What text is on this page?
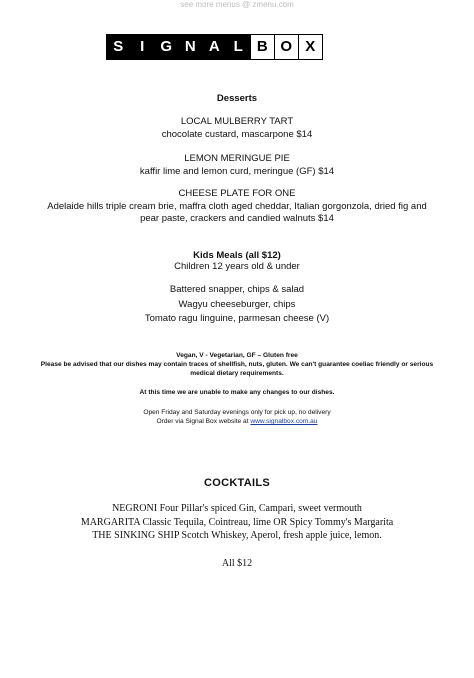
see more menus @ zmenu.com
S	I	G N A L B O X
Desserts
LOCAL MULBERRY TART
chocolate custard, mascarpone $14
LEMON MERINGUE PIE
kaffir lime and lemon curd, meringue (GF) $14
CHEESE PLATE FOR ONE
Adelaide hills triple cream brie, maffra cloth aged cheddar, Italian gorgonzola, dried fig and
pear paste, crackers and candied walnuts $14
Kids Meals (all $12)
Children 12 years old & under
Battered snapper, chips & salad
Wagyu cheeseburger, chips
Tomato ragu linguine, parmesan cheese (V)
Vegan, V - Vegetarian, GF – Gluten free
Please be advised that our dishes may contain traces of shellfish, nuts, gluten. We can't guarantee coeliac friendly or serious
medical dietary requirements.
At this time we are unable to make any changes to our dishes.
Open Friday and Saturday evenings only for pick up, no delivery
Order via Signal Box website at www.signalbox.com.au
COCKTAILS
NEGRONI Four Pillar's spiced Gin, Campari, sweet vermouth
MARGARITA Classic Tequila, Cointreau, lime OR Spicy Tommy's Margarita
THE SINKING SHIP Scotch Whiskey, Aperol, fresh apple juice, lemon.
All $12
